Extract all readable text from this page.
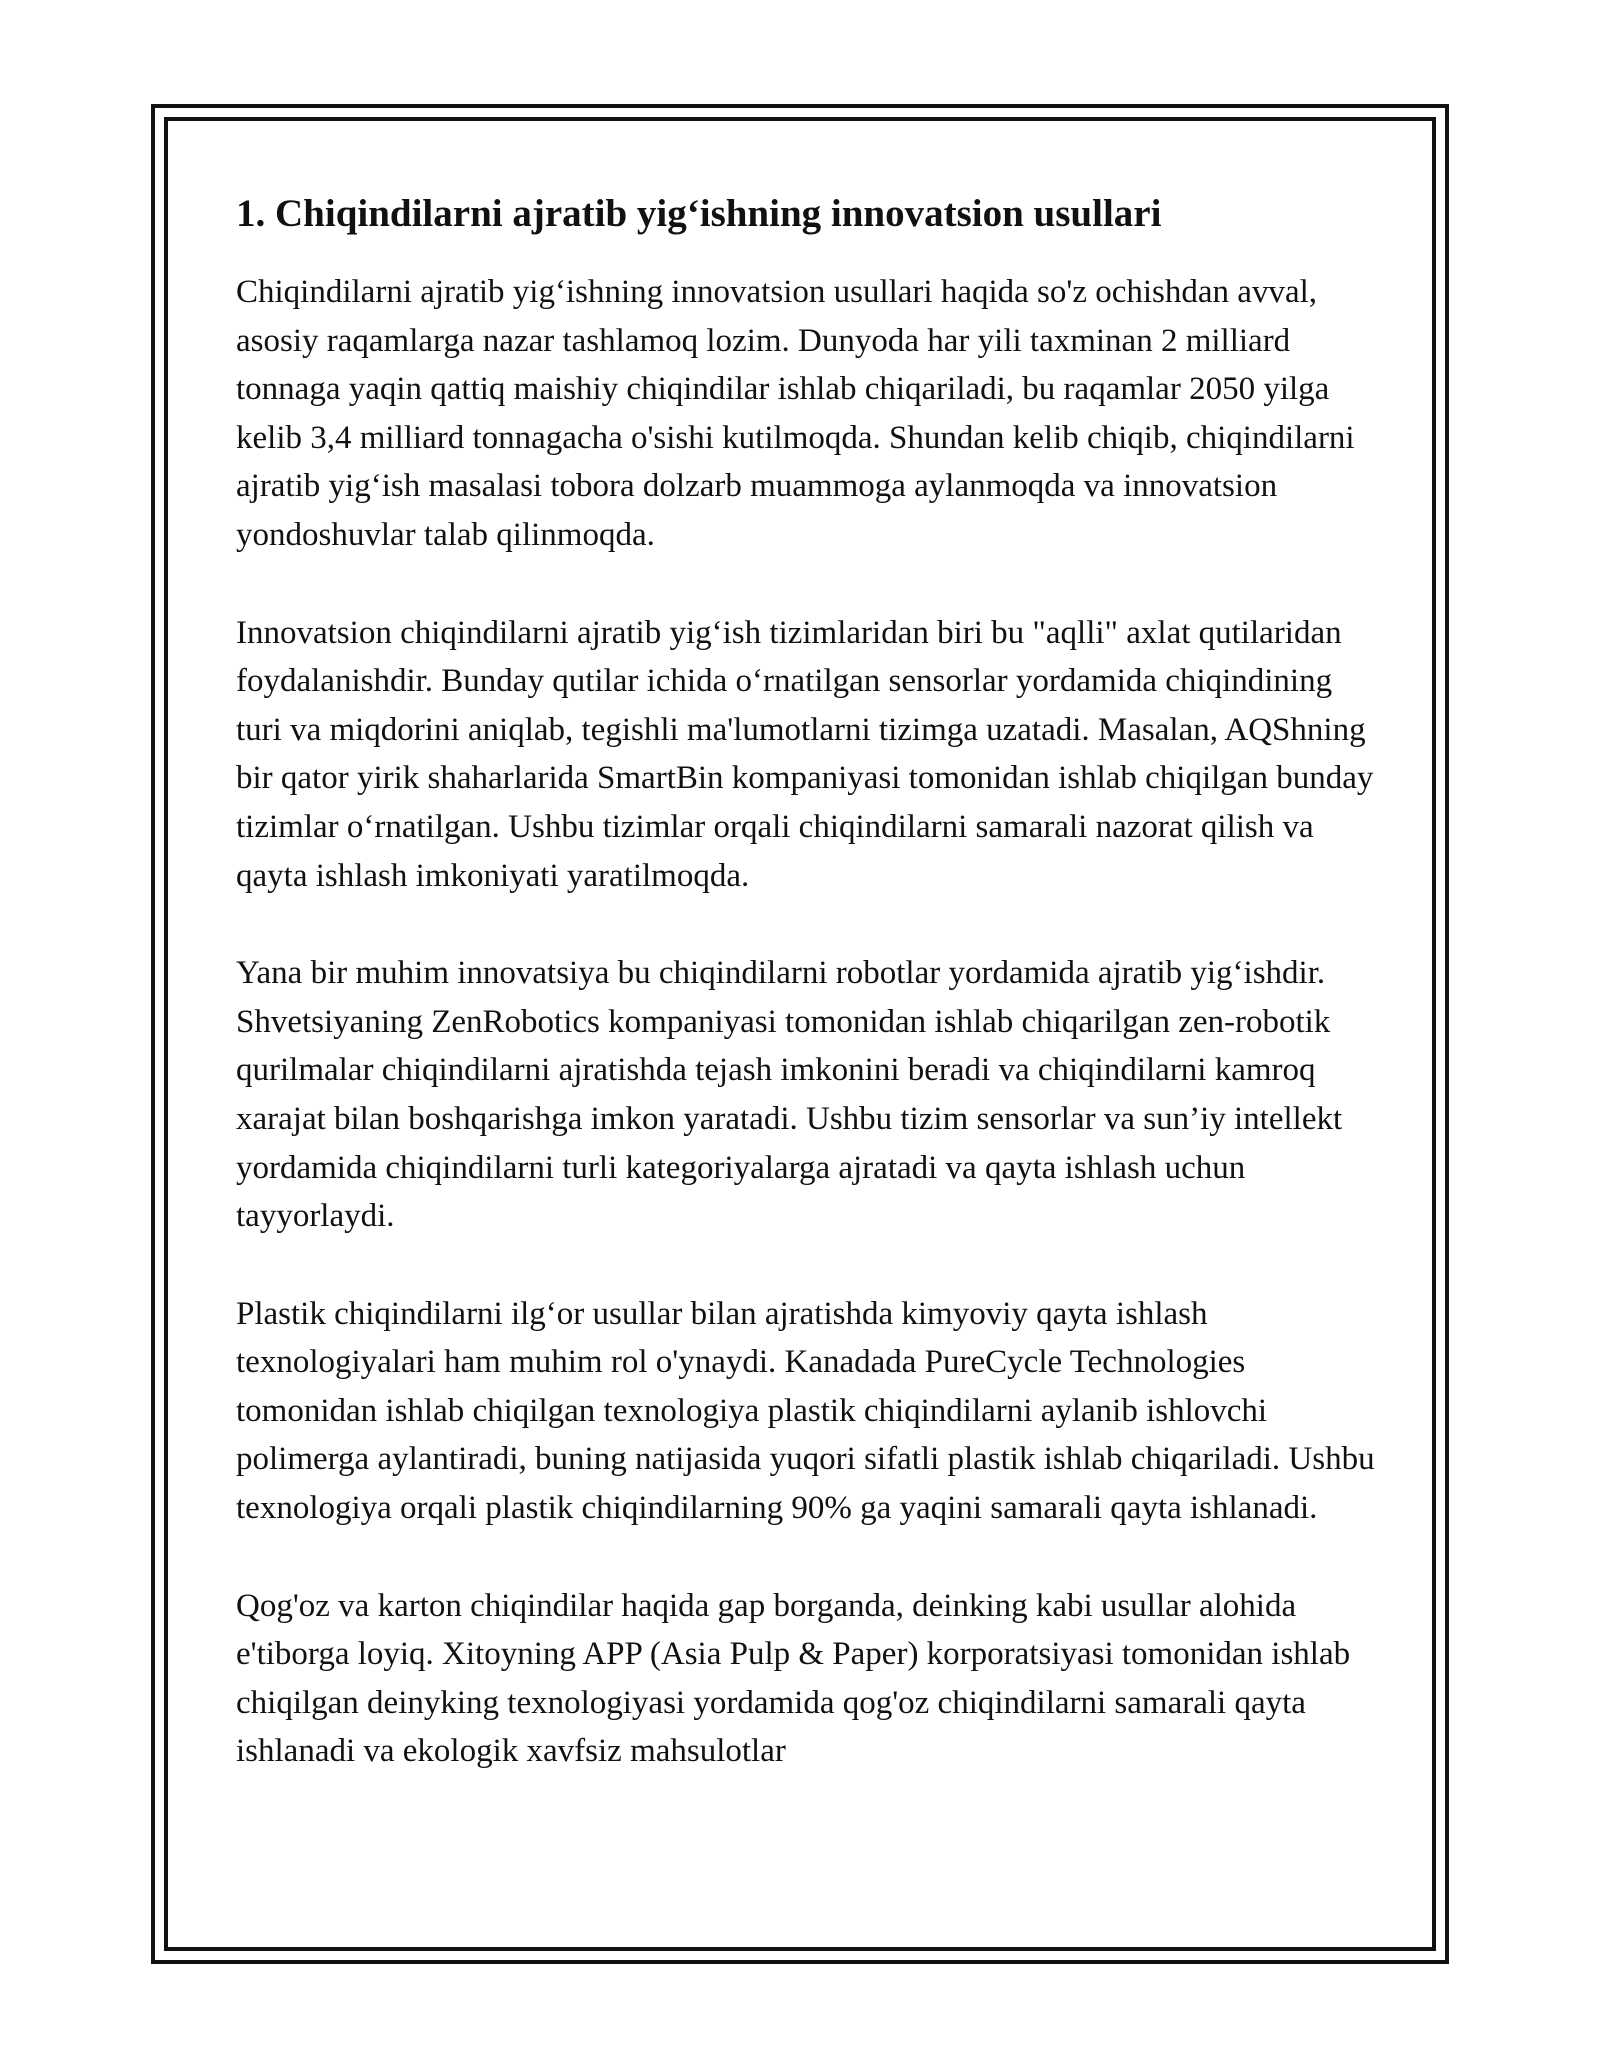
1. Chiqindilarni ajratib yig‘ishning innovatsion usullari

Chiqindilarni ajratib yig‘ishning innovatsion usullari haqida so'z ochishdan avval, asosiy raqamlarga nazar tashlamoq lozim. Dunyoda har yili taxminan 2 milliard tonnaga yaqin qattiq maishiy chiqindilar ishlab chiqariladi, bu raqamlar 2050 yilga kelib 3,4 milliard tonnagacha o'sishi kutilmoqda. Shundan kelib chiqib, chiqindilarni ajratib yig‘ish masalasi tobora dolzarb muammoga aylanmoqda va innovatsion yondoshuvlar talab qilinmoqda.

Innovatsion chiqindilarni ajratib yig‘ish tizimlaridan biri bu "aqlli" axlat qutilaridan foydalanishdir. Bunday qutilar ichida o‘rnatilgan sensorlar yordamida chiqindining turi va miqdorini aniqlab, tegishli ma'lumotlarni tizimga uzatadi. Masalan, AQShning bir qator yirik shaharlarida SmartBin kompaniyasi tomonidan ishlab chiqilgan bunday tizimlar o‘rnatilgan. Ushbu tizimlar orqali chiqindilarni samarali nazorat qilish va qayta ishlash imkoniyati yaratilmoqda.

Yana bir muhim innovatsiya bu chiqindilarni robotlar yordamida ajratib yig‘ishdir. Shvetsiyaning ZenRobotics kompaniyasi tomonidan ishlab chiqarilgan zen-robotik qurilmalar chiqindilarni ajratishda tejash imkonini beradi va chiqindilarni kamroq xarajat bilan boshqarishga imkon yaratadi. Ushbu tizim sensorlar va sun’iy intellekt yordamida chiqindilarni turli kategoriyalarga ajratadi va qayta ishlash uchun tayyorlaydi.

Plastik chiqindilarni ilg‘or usullar bilan ajratishda kimyoviy qayta ishlash texnologiyalari ham muhim rol o'ynaydi. Kanadada PureCycle Technologies tomonidan ishlab chiqilgan texnologiya plastik chiqindilarni aylanib ishlovchi polimerga aylantiradi, buning natijasida yuqori sifatli plastik ishlab chiqariladi. Ushbu texnologiya orqali plastik chiqindilarning 90% ga yaqini samarali qayta ishlanadi.

Qog'oz va karton chiqindilar haqida gap borganda, deinking kabi usullar alohida e'tiborga loyiq. Xitoyning APP (Asia Pulp & Paper) korporatsiyasi tomonidan ishlab chiqilgan deinyking texnologiyasi yordamida qog'oz chiqindilarni samarali qayta ishlanadi va ekologik xavfsiz mahsulotlar
